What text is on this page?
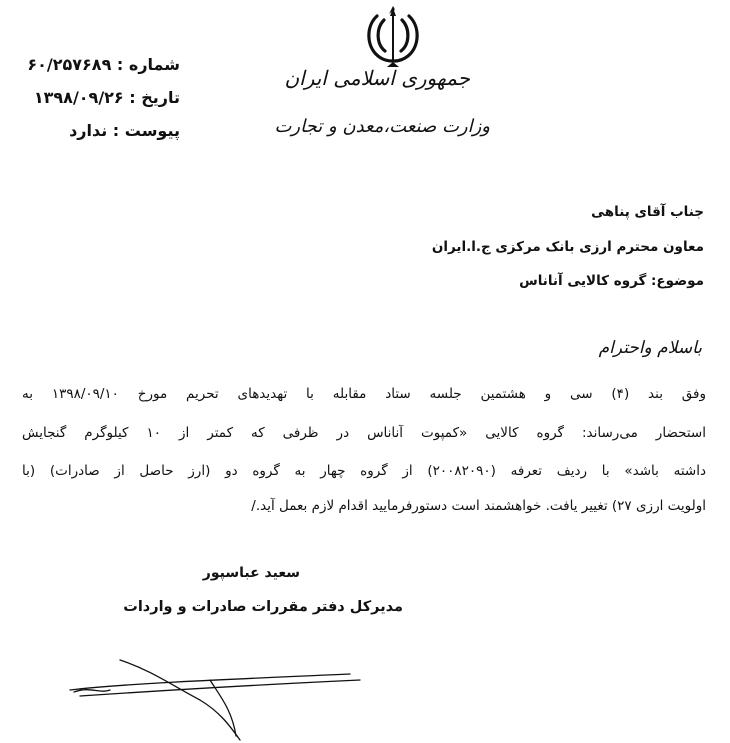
جمهوری اسلامی ایران
وزارت صنعت،معدن و تجارت
شماره : ۶۰/۲۵۷۶۸۹
تاریخ : ۱۳۹۸/۰۹/۲۶
پیوست : ندارد
جناب آقای پناهی
معاون محترم ارزی بانک مرکزی ج.ا.ایران
موضوع: گروه کالایی آناناس
باسلام واحترام
وفق بند (۴) سی و هشتمین جلسه ستاد مقابله با تهدیدهای تحریم مورخ ۱۳۹۸/۰۹/۱۰ به
استحضار می‌رساند: گروه کالایی «کمپوت آناناس در ظرفی که کمتر از ۱۰ کیلوگرم گنجایش
داشته باشد» با ردیف تعرفه (۲۰۰۸۲۰۹۰) از گروه چهار به گروه دو (ارز حاصل از صادرات) (با
اولویت ارزی ۲۷) تغییر یافت. خواهشمند است دستورفرمایید اقدام لازم بعمل آید./
سعید عباسپور
مدیرکل دفتر مقررات صادرات و واردات
